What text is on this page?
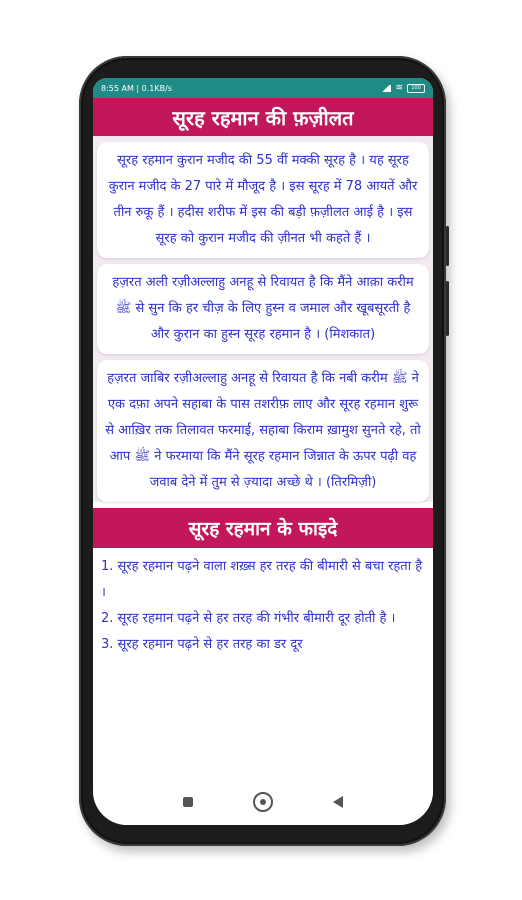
8:55 AM | 0.1KB/s	≋	100
सूरह रहमान की फ़ज़ीलत
सूरह रहमान कुरान मजीद की 55 वीं मक्की सूरह है । यह सूरह कुरान मजीद के 27 पारे में मौजूद है । इस सूरह में 78 आयतें और तीन रुकू हैं । हदीस शरीफ में इस की बड़ी फ़ज़ीलत आई है । इस सूरह को कुरान मजीद की ज़ीनत भी कहते हैं ।
हज़रत अली रज़ीअल्लाहु अनहू से रिवायत है कि मैंने आक़ा करीम ﷺ से सुन कि हर चीज़ के लिए हुस्न व जमाल और खूबसूरती है और कुरान का हुस्न सूरह रहमान है । (मिशकात)
हज़रत जाबिर रज़ीअल्लाहु अनहू से रिवायत है कि नबी करीम ﷺ ने एक दफ़ा अपने सहाबा के पास तशरीफ़ लाए और सूरह रहमान शुरू से आख़िर तक तिलावत फरमाई, सहाबा किराम ख़ामुश सुनते रहे, तो आप ﷺ ने फरमाया कि मैंने सूरह रहमान जिन्नात के ऊपर पढ़ी वह जवाब देने में तुम से ज़्यादा अच्छे थे । (तिरमिज़ी)
सूरह रहमान के फाइदे

1. सूरह रहमान पढ़ने वाला शख़्स हर तरह की बीमारी से बचा रहता है ।

2. सूरह रहमान पढ़ने से हर तरह की गंभीर बीमारी दूर होती है ।

3. सूरह रहमान पढ़ने से हर तरह का डर दूर
